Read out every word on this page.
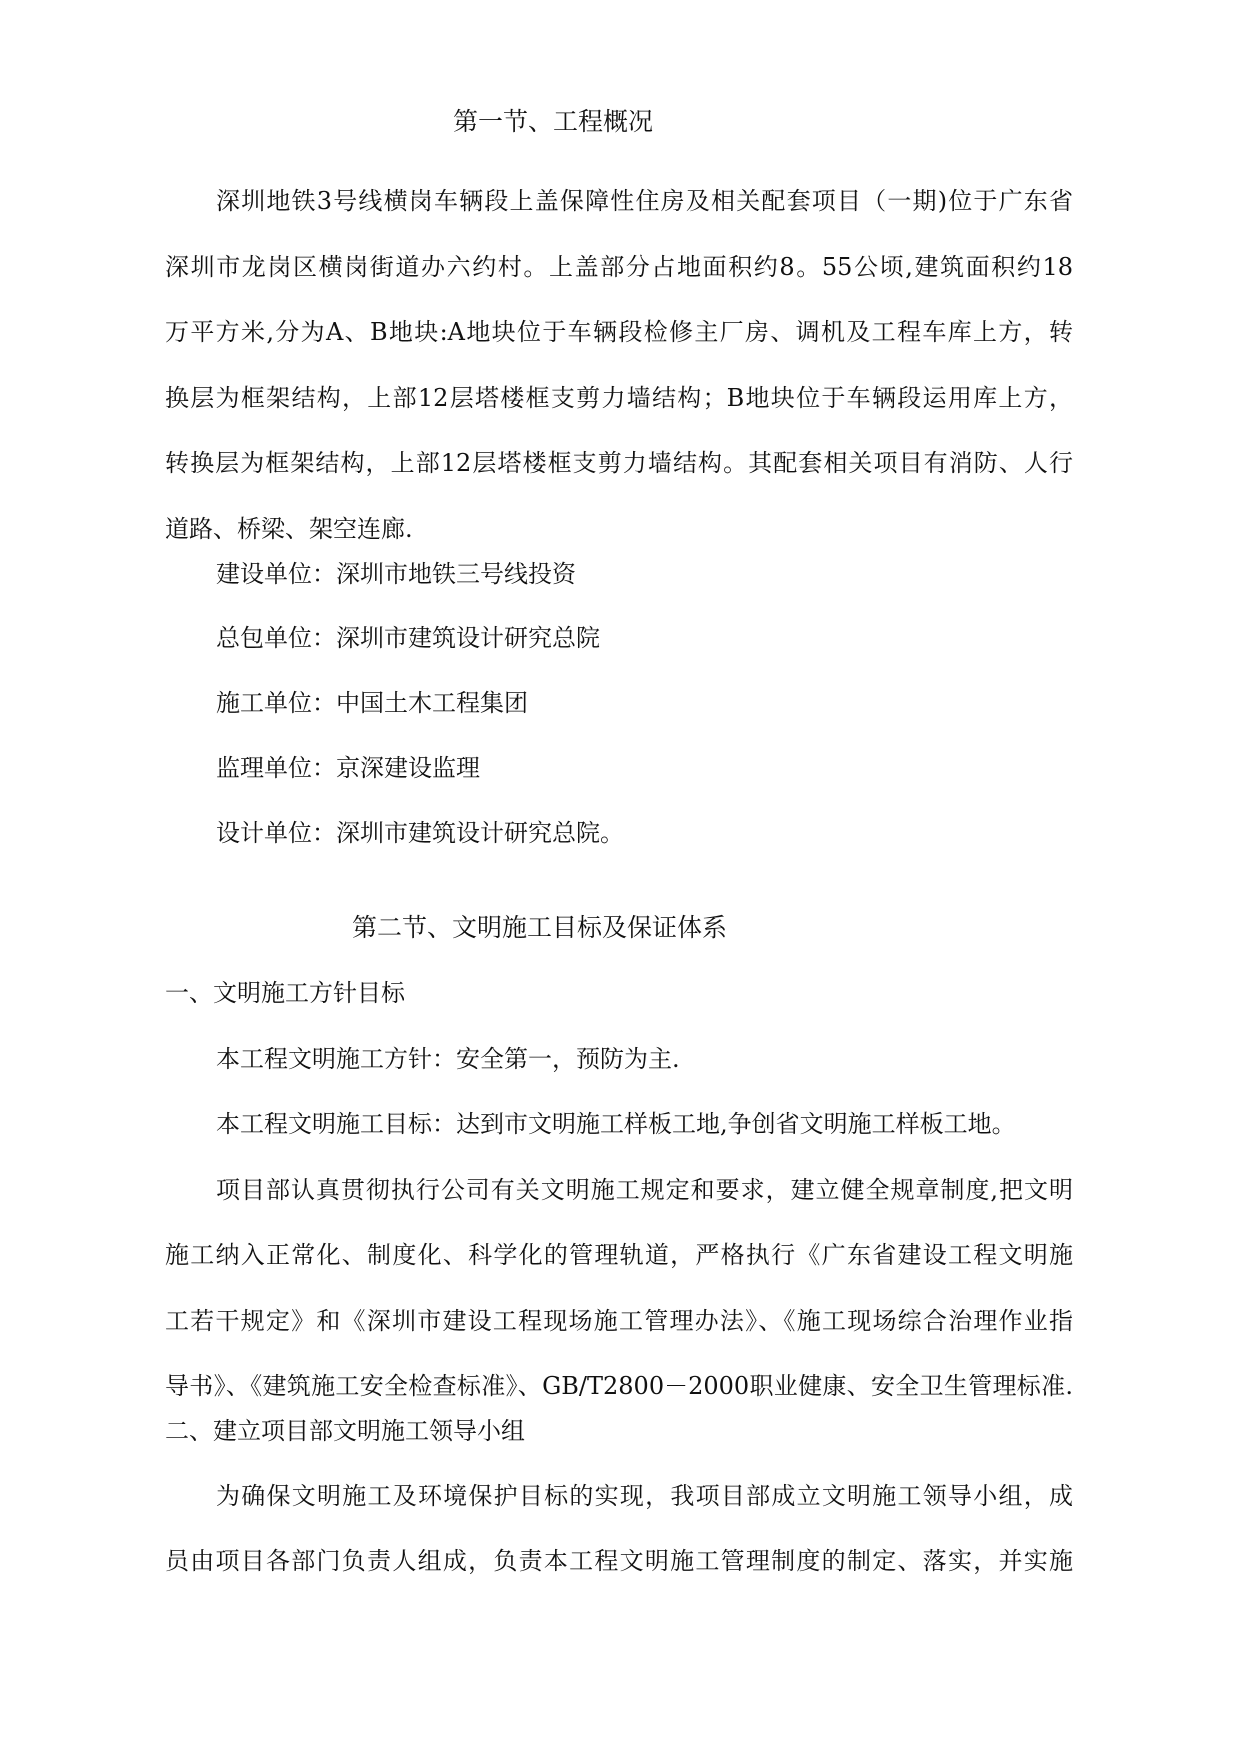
第一节、工程概况
深圳地铁3号线横岗车辆段上盖保障性住房及相关配套项目（一期)位于广东省
深圳市龙岗区横岗街道办六约村。上盖部分占地面积约8。55公顷,建筑面积约18
万平方米,分为A、B地块:A地块位于车辆段检修主厂房、调机及工程车库上方，转
换层为框架结构，上部12层塔楼框支剪力墙结构；B地块位于车辆段运用库上方，
转换层为框架结构，上部12层塔楼框支剪力墙结构。其配套相关项目有消防、人行
道路、桥梁、架空连廊.
建设单位：深圳市地铁三号线投资
总包单位：深圳市建筑设计研究总院
施工单位：中国土木工程集团
监理单位：京深建设监理
设计单位：深圳市建筑设计研究总院。
第二节、文明施工目标及保证体系
一、文明施工方针目标
本工程文明施工方针：安全第一，预防为主.
本工程文明施工目标：达到市文明施工样板工地,争创省文明施工样板工地。
项目部认真贯彻执行公司有关文明施工规定和要求，建立健全规章制度,把文明
施工纳入正常化、制度化、科学化的管理轨道，严格执行《广东省建设工程文明施
工若干规定》和《深圳市建设工程现场施工管理办法》、《施工现场综合治理作业指
导书》、《建筑施工安全检查标准》、GB/T2800－2000职业健康、安全卫生管理标准.
二、建立项目部文明施工领导小组
为确保文明施工及环境保护目标的实现，我项目部成立文明施工领导小组，成
员由项目各部门负责人组成，负责本工程文明施工管理制度的制定、落实，并实施
